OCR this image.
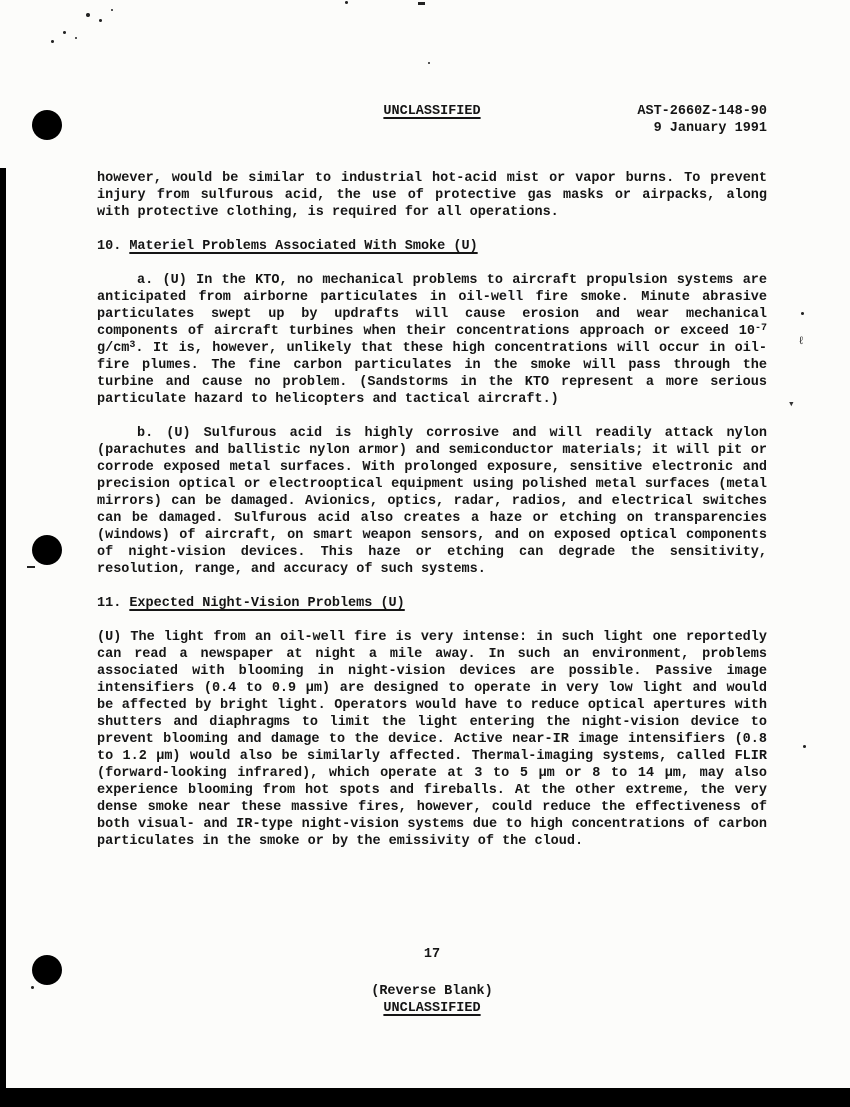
ℓ
▾
UNCLASSIFIED	AST-2660Z-148-90
9 January 1991

however, would be similar to industrial hot-acid mist or vapor burns. To prevent injury from sulfurous acid, the use of protective gas masks or airpacks, along with protective clothing, is required for all operations.

10. Materiel Problems Associated With Smoke (U)

a. (U) In the KTO, no mechanical problems to aircraft propulsion systems are anticipated from airborne particulates in oil-well fire smoke. Minute abrasive particulates swept up by updrafts will cause erosion and wear mechanical components of aircraft turbines when their concentrations approach or exceed $10^{-7}$ $g/cm^3$. It is, however, unlikely that these high concentrations will occur in oil-fire plumes. The fine carbon particulates in the smoke will pass through the turbine and cause no problem. (Sandstorms in the KTO represent a more serious particulate hazard to helicopters and tactical aircraft.)

b. (U) Sulfurous acid is highly corrosive and will readily attack nylon (parachutes and ballistic nylon armor) and semiconductor materials; it will pit or corrode exposed metal surfaces. With prolonged exposure, sensitive electronic and precision optical or electrooptical equipment using polished metal surfaces (metal mirrors) can be damaged. Avionics, optics, radar, radios, and electrical switches can be damaged. Sulfurous acid also creates a haze or etching on transparencies (windows) of aircraft, on smart weapon sensors, and on exposed optical components of night-vision devices. This haze or etching can degrade the sensitivity, resolution, range, and accuracy of such systems.

11. Expected Night-Vision Problems (U)

(U) The light from an oil-well fire is very intense: in such light one reportedly can read a newspaper at night a mile away. In such an environment, problems associated with blooming in night-vision devices are possible. Passive image intensifiers (0.4 to 0.9 μm) are designed to operate in very low light and would be affected by bright light. Operators would have to reduce optical apertures with shutters and diaphragms to limit the light entering the night-vision device to prevent blooming and damage to the device. Active near-IR image intensifiers (0.8 to 1.2 μm) would also be similarly affected. Thermal-imaging systems, called FLIR (forward-looking infrared), which operate at 3 to 5 μm or 8 to 14 μm, may also experience blooming from hot spots and fireballs. At the other extreme, the very dense smoke near these massive fires, however, could reduce the effectiveness of both visual- and IR-type night-vision systems due to high concentrations of carbon particulates in the smoke or by the emissivity of the cloud.

17
(Reverse Blank)
UNCLASSIFIED
